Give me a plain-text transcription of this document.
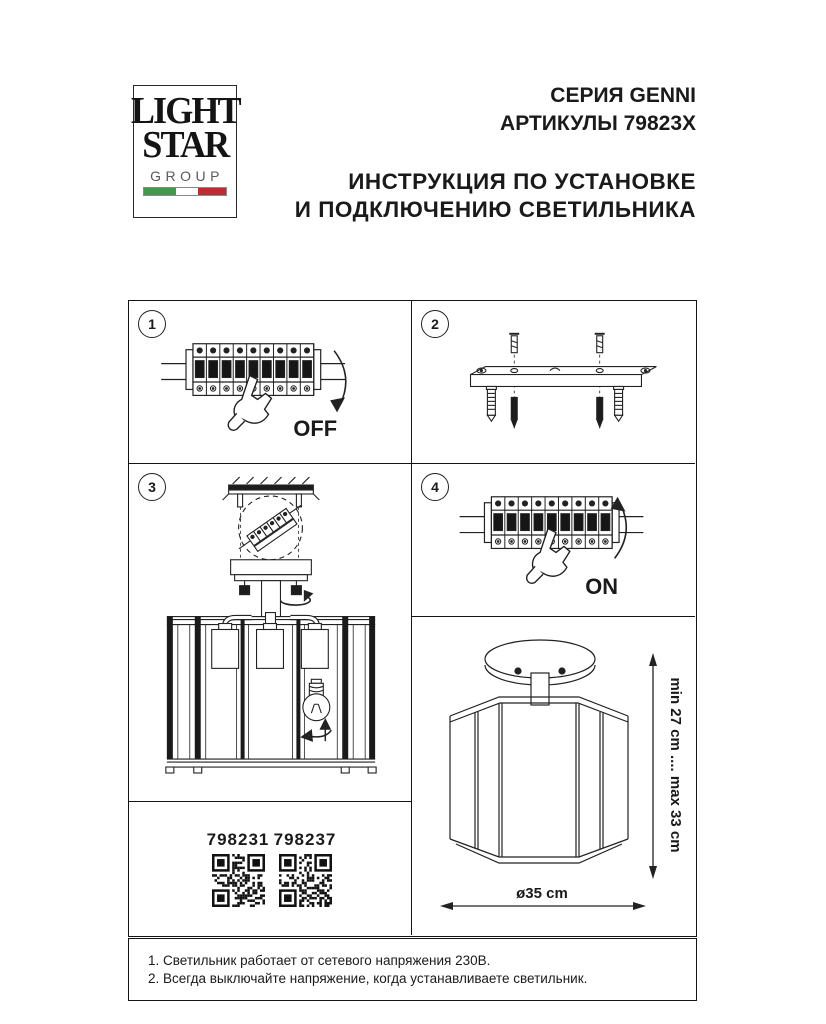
LIGHT
STAR
GROUP
СЕРИЯ GENNI
АРТИКУЛЫ 79823X
ИНСТРУКЦИЯ ПО УСТАНОВКЕ
И ПОДКЛЮЧЕНИЮ СВЕТИЛЬНИКА
1
OFF
2
3	4
ON
798231 798237	min 27 cm .... max 33 cm
ø35 cm
1. Светильник работает от сетевого напряжения 230В.
2. Всегда выключайте напряжение, когда устанавливаете светильник.
